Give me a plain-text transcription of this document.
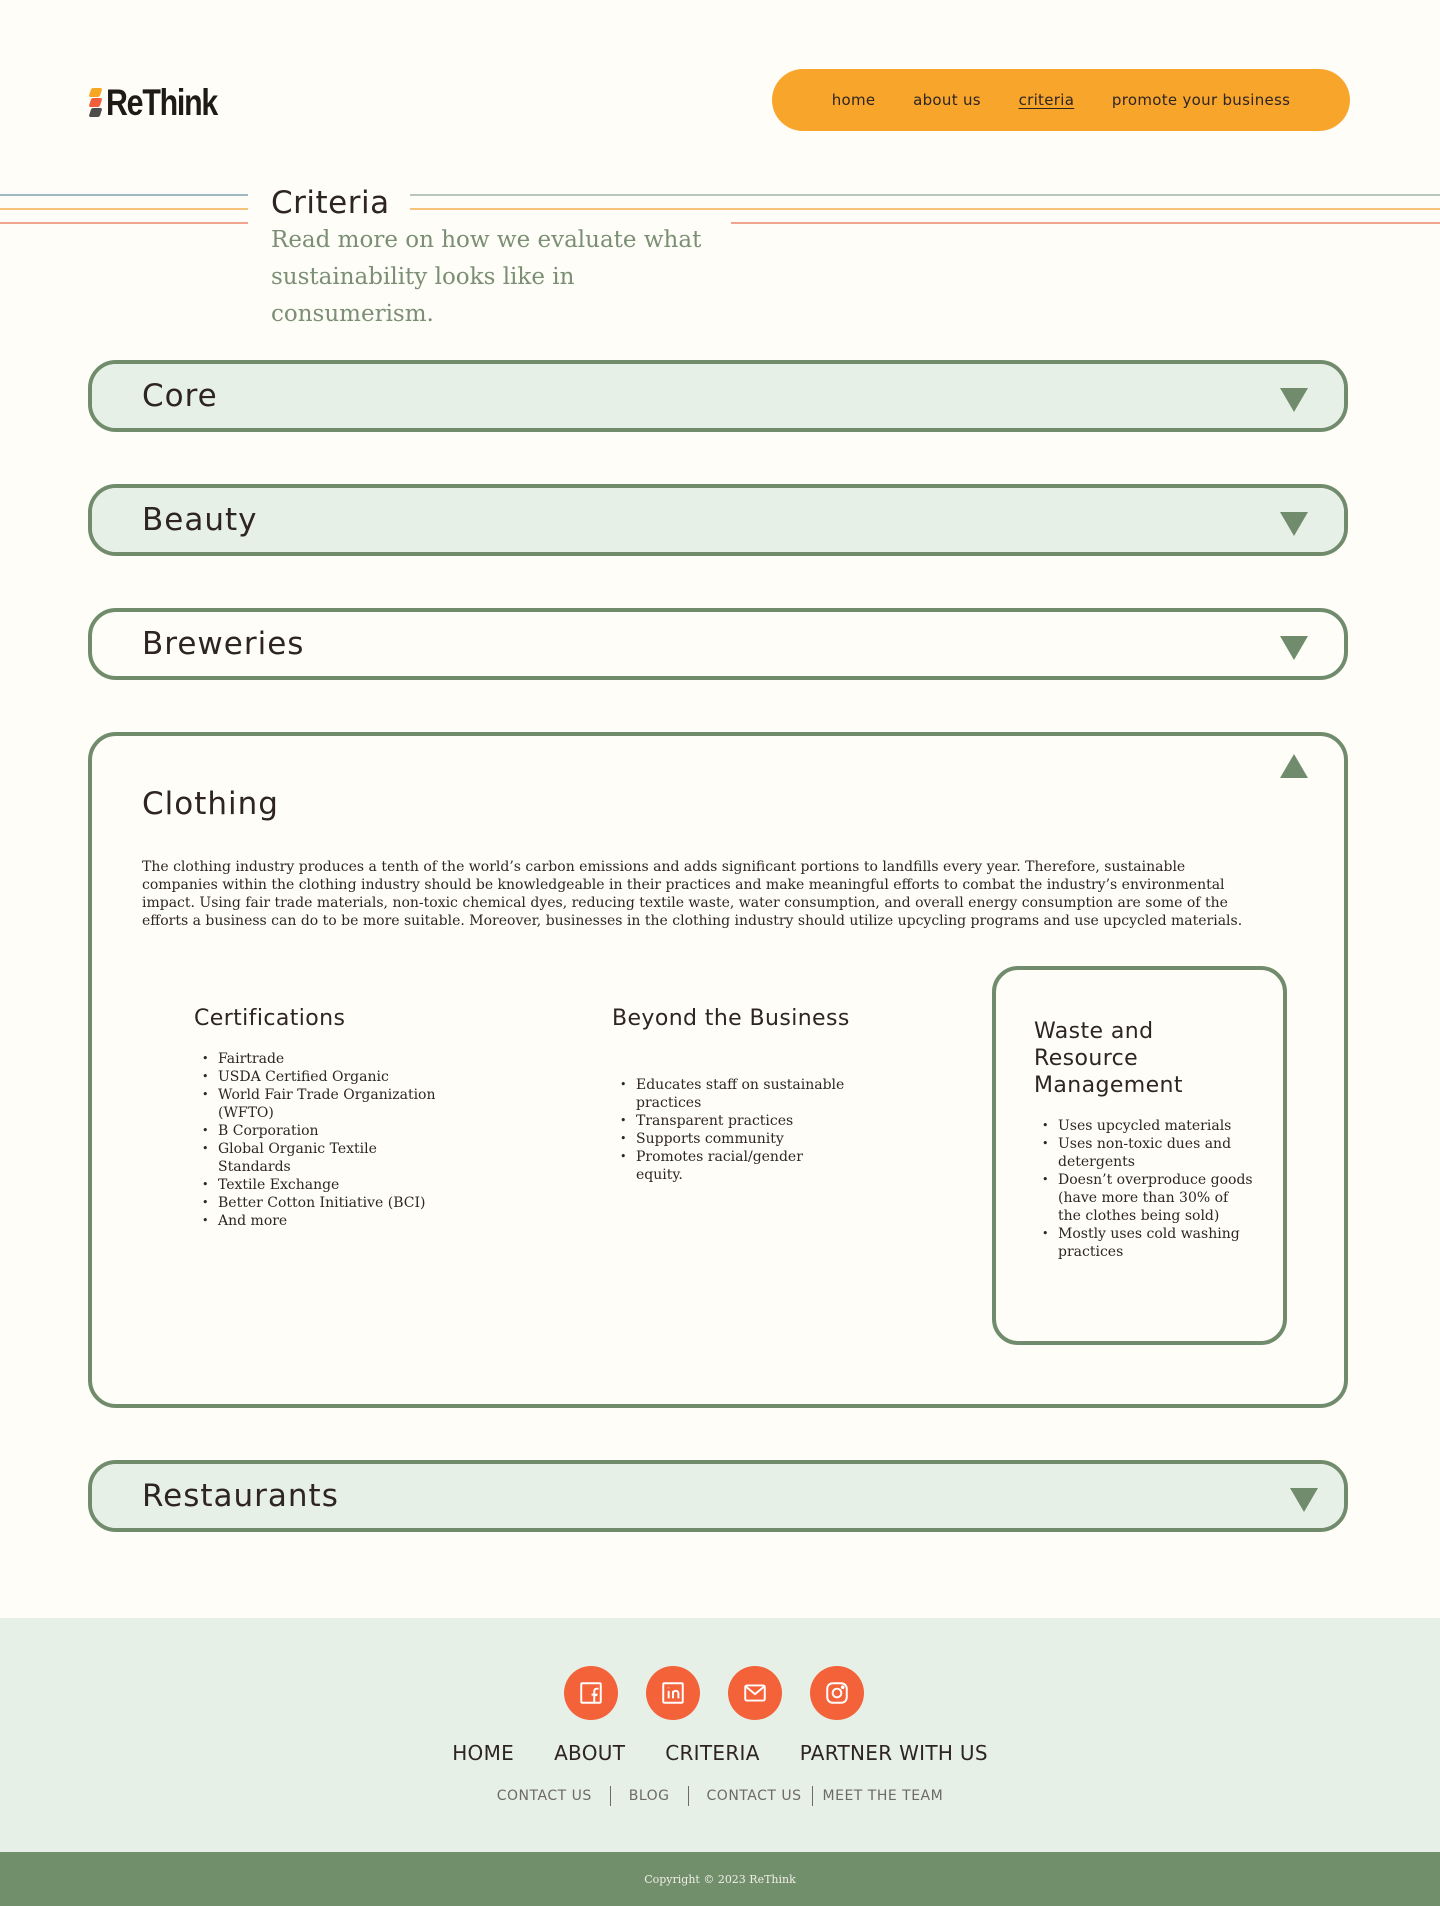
ReThink	home	about us	criteria	promote your business
Criteria

Read more on how we evaluate what sustainability looks like in consumerism.

Core
Beauty
Breweries
Clothing

The clothing industry produces a tenth of the world’s carbon emissions and adds significant portions to landfills every year. Therefore, sustainable companies within the clothing industry should be knowledgeable in their practices and make meaningful efforts to combat the industry’s environmental impact. Using fair trade materials, non-toxic chemical dyes, reducing textile waste, water consumption, and overall energy consumption are some of the efforts a business can do to be more suitable. Moreover, businesses in the clothing industry should utilize upcycling programs and use upcycled materials.

Certifications
• Fairtrade
• USDA Certified Organic
• World Fair Trade Organization (WFTO)
• B Corporation
• Global Organic Textile Standards
• Textile Exchange
• Better Cotton Initiative (BCI)
• And more
Beyond the Business
• Educates staff on sustainable practices
• Transparent practices
• Supports community
• Promotes racial/gender equity.
Waste and Resource Management
• Uses upcycled materials
• Uses non-toxic dues and detergents
• Doesn’t overproduce goods (have more than 30% of the clothes being sold)
• Mostly uses cold washing practices
Restaurants
HOME ABOUT CRITERIA PARTNER WITH US
CONTACT US	BLOG	CONTACT US	MEET THE TEAM
Copyright © 2023 ReThink
